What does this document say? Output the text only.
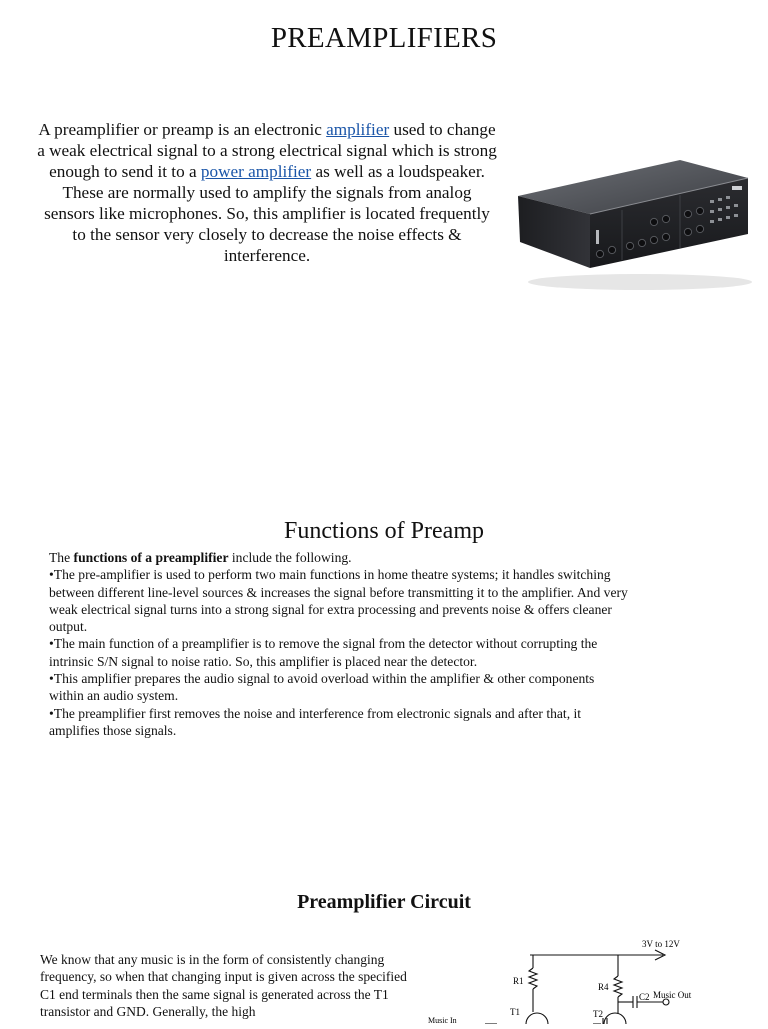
PREAMPLIFIERS
A preamplifier or preamp is an electronic amplifier used to change a weak electrical signal to a strong electrical signal which is strong enough to send it to a power amplifier as well as a loudspeaker. These are normally used to amplify the signals from analog sensors like microphones. So, this amplifier is located frequently to the sensor very closely to decrease the noise effects & interference.
Functions of Preamp

The functions of a preamplifier include the following.

•The pre-amplifier is used to perform two main functions in home theatre systems; it handles switching between different line-level sources & increases the signal before transmitting it to the amplifier. And very weak electrical signal turns into a strong signal for extra processing and prevents noise & offers cleaner output.

•The main function of a preamplifier is to remove the signal from the detector without corrupting the intrinsic S/N signal to noise ratio. So, this amplifier is placed near the detector.

•This amplifier prepares the audio signal to avoid overload within the amplifier & other components within an audio system.

•The preamplifier first removes the noise and interference from electronic signals and after that, it amplifies those signals.

Preamplifier Circuit
We know that any music is in the form of consistently changing frequency, so when that changing input is given across the specified C1 end terminals then the same signal is generated across the T1 transistor and GND. Generally, the high
3V to 12V
R1
R4
C2 Music Out
Music In
T1	T2
